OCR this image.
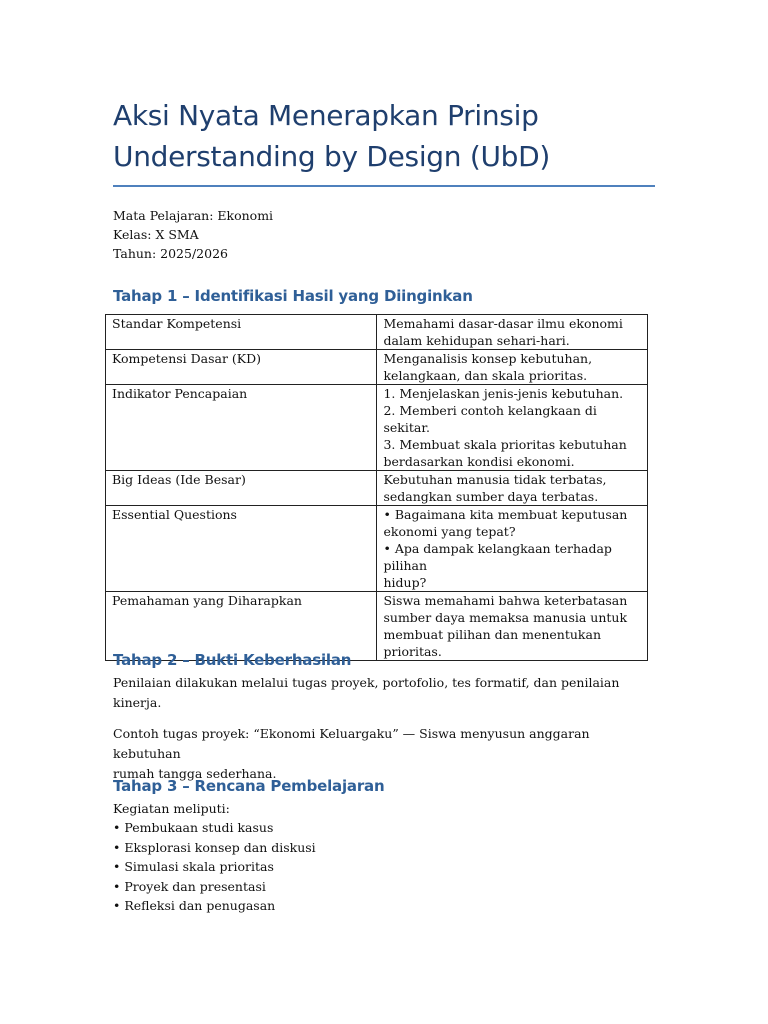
Aksi Nyata Menerapkan Prinsip
Understanding by Design (UbD)
Mata Pelajaran: Ekonomi
Kelas: X SMA
Tahun: 2025/2026
Tahap 1 – Identifikasi Hasil yang Diinginkan
Standar Kompetensi	Memahami dasar-dasar ilmu ekonomi
dalam kehidupan sehari-hari.

Kompetensi Dasar (KD)	Menganalisis konsep kebutuhan,
kelangkaan, dan skala prioritas.

Indikator Pencapaian	1. Menjelaskan jenis-jenis kebutuhan.
2. Memberi contoh kelangkaan di sekitar.
3. Membuat skala prioritas kebutuhan
berdasarkan kondisi ekonomi.

Big Ideas (Ide Besar)	Kebutuhan manusia tidak terbatas,
sedangkan sumber daya terbatas.

Essential Questions	• Bagaimana kita membuat keputusan
ekonomi yang tepat?
• Apa dampak kelangkaan terhadap pilihan
hidup?

Pemahaman yang Diharapkan	Siswa memahami bahwa keterbatasan
sumber daya memaksa manusia untuk
membuat pilihan dan menentukan
prioritas.
Tahap 2 – Bukti Keberhasilan

Penilaian dilakukan melalui tugas proyek, portofolio, tes formatif, dan penilaian kinerja.

Contoh tugas proyek: “Ekonomi Keluargaku” — Siswa menyusun anggaran kebutuhan
rumah tangga sederhana.

Tahap 3 – Rencana Pembelajaran
Kegiatan meliputi:
• Pembukaan studi kasus
• Eksplorasi konsep dan diskusi
• Simulasi skala prioritas
• Proyek dan presentasi
• Refleksi dan penugasan
